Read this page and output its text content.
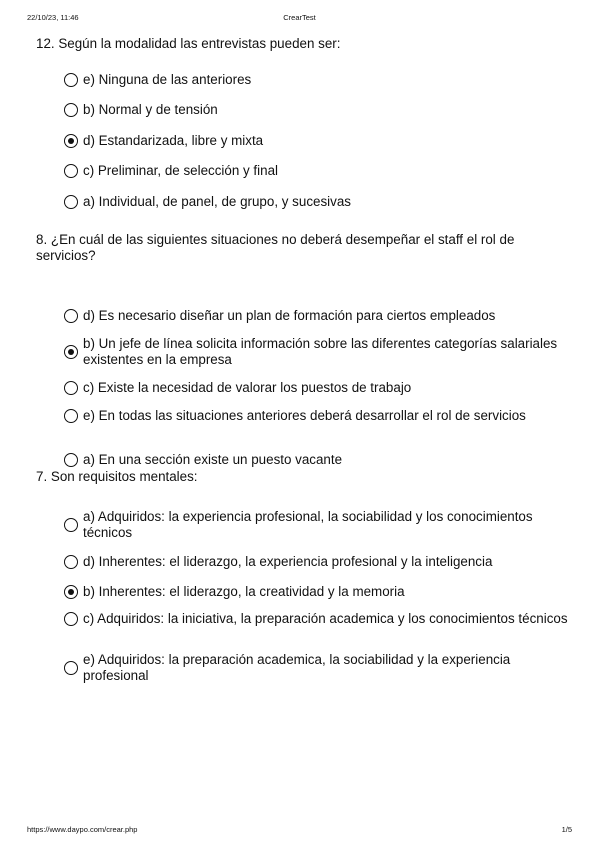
22/10/23, 11:46	CrearTest

12. Según la modalidad las entrevistas pueden ser:

e) Ninguna de las anteriores
b) Normal y de tensión
d) Estandarizada, libre y mixta
c) Preliminar, de selección y final
a) Individual, de panel, de grupo, y sucesivas

8. ¿En cuál de las siguientes situaciones no deberá desempeñar el staff el rol de servicios?

d) Es necesario diseñar un plan de formación para ciertos empleados
b) Un jefe de línea solicita información sobre las diferentes categorías salariales existentes en la empresa
c) Existe la necesidad de valorar los puestos de trabajo
e) En todas las situaciones anteriores deberá desarrollar el rol de servicios
a) En una sección existe un puesto vacante

7. Son requisitos mentales:

a) Adquiridos: la experiencia profesional, la sociabilidad y los conocimientos técnicos
d) Inherentes: el liderazgo, la experiencia profesional y la inteligencia
b) Inherentes: el liderazgo, la creatividad y la memoria
c) Adquiridos: la iniciativa, la preparación academica y los conocimientos técnicos
e) Adquiridos: la preparación academica, la sociabilidad y la experiencia profesional
https://www.daypo.com/crear.php	1/5
